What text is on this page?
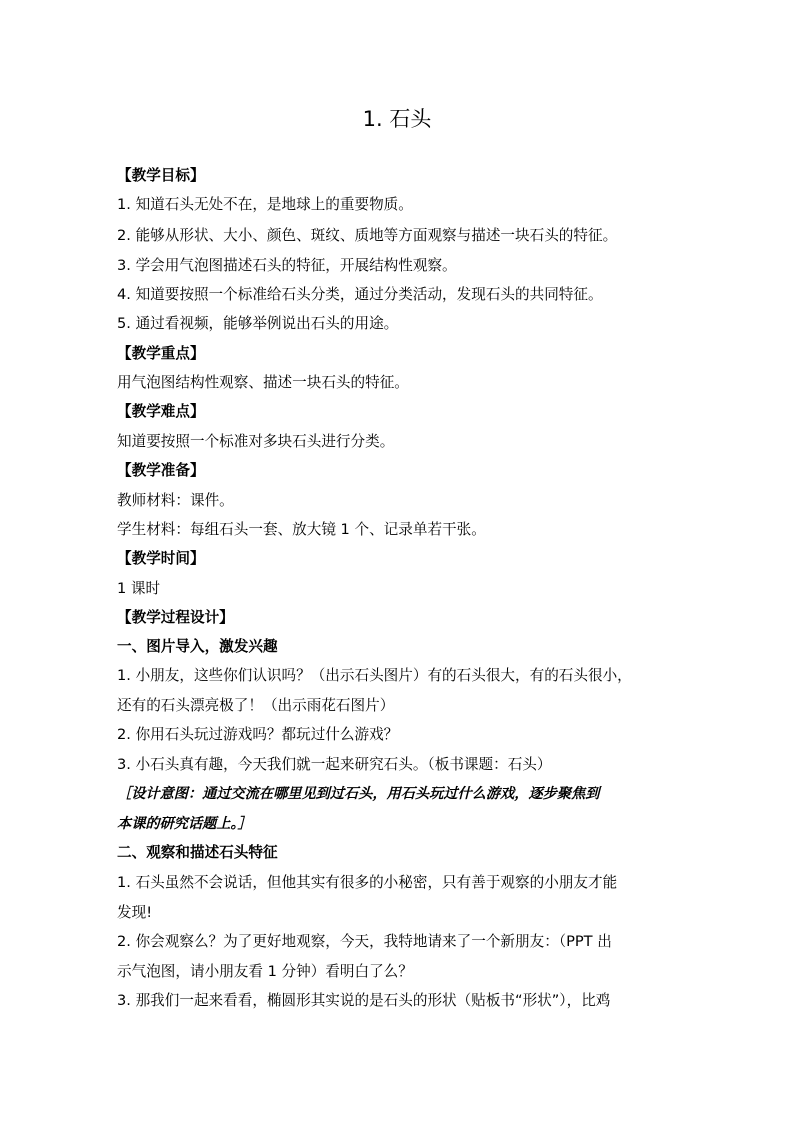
1. 石头
【教学目标】
1. 知道石头无处不在，是地球上的重要物质。
2. 能够从形状、大小、颜色、斑纹、质地等方面观察与描述一块石头的特征。
3. 学会用气泡图描述石头的特征，开展结构性观察。
4. 知道要按照一个标准给石头分类，通过分类活动，发现石头的共同特征。
5. 通过看视频，能够举例说出石头的用途。
【教学重点】
用气泡图结构性观察、描述一块石头的特征。
【教学难点】
知道要按照一个标准对多块石头进行分类。
【教学准备】
教师材料：课件。
学生材料：每组石头一套、放大镜 1 个、记录单若干张。
【教学时间】
1 课时
【教学过程设计】
一、图片导入，激发兴趣
1. 小朋友，这些你们认识吗？（出示石头图片）有的石头很大，有的石头很小，
还有的石头漂亮极了！（出示雨花石图片）
2. 你用石头玩过游戏吗？都玩过什么游戏？
3. 小石头真有趣，今天我们就一起来研究石头。（板书课题：石头）
［设计意图：通过交流在哪里见到过石头，用石头玩过什么游戏，逐步聚焦到
本课的研究话题上。］
二、观察和描述石头特征
1. 石头虽然不会说话，但他其实有很多的小秘密，只有善于观察的小朋友才能
发现!
2. 你会观察么？为了更好地观察，今天，我特地请来了一个新朋友：（PPT 出
示气泡图，请小朋友看 1 分钟）看明白了么？
3. 那我们一起来看看，椭圆形其实说的是石头的形状（贴板书“形状”），比鸡
